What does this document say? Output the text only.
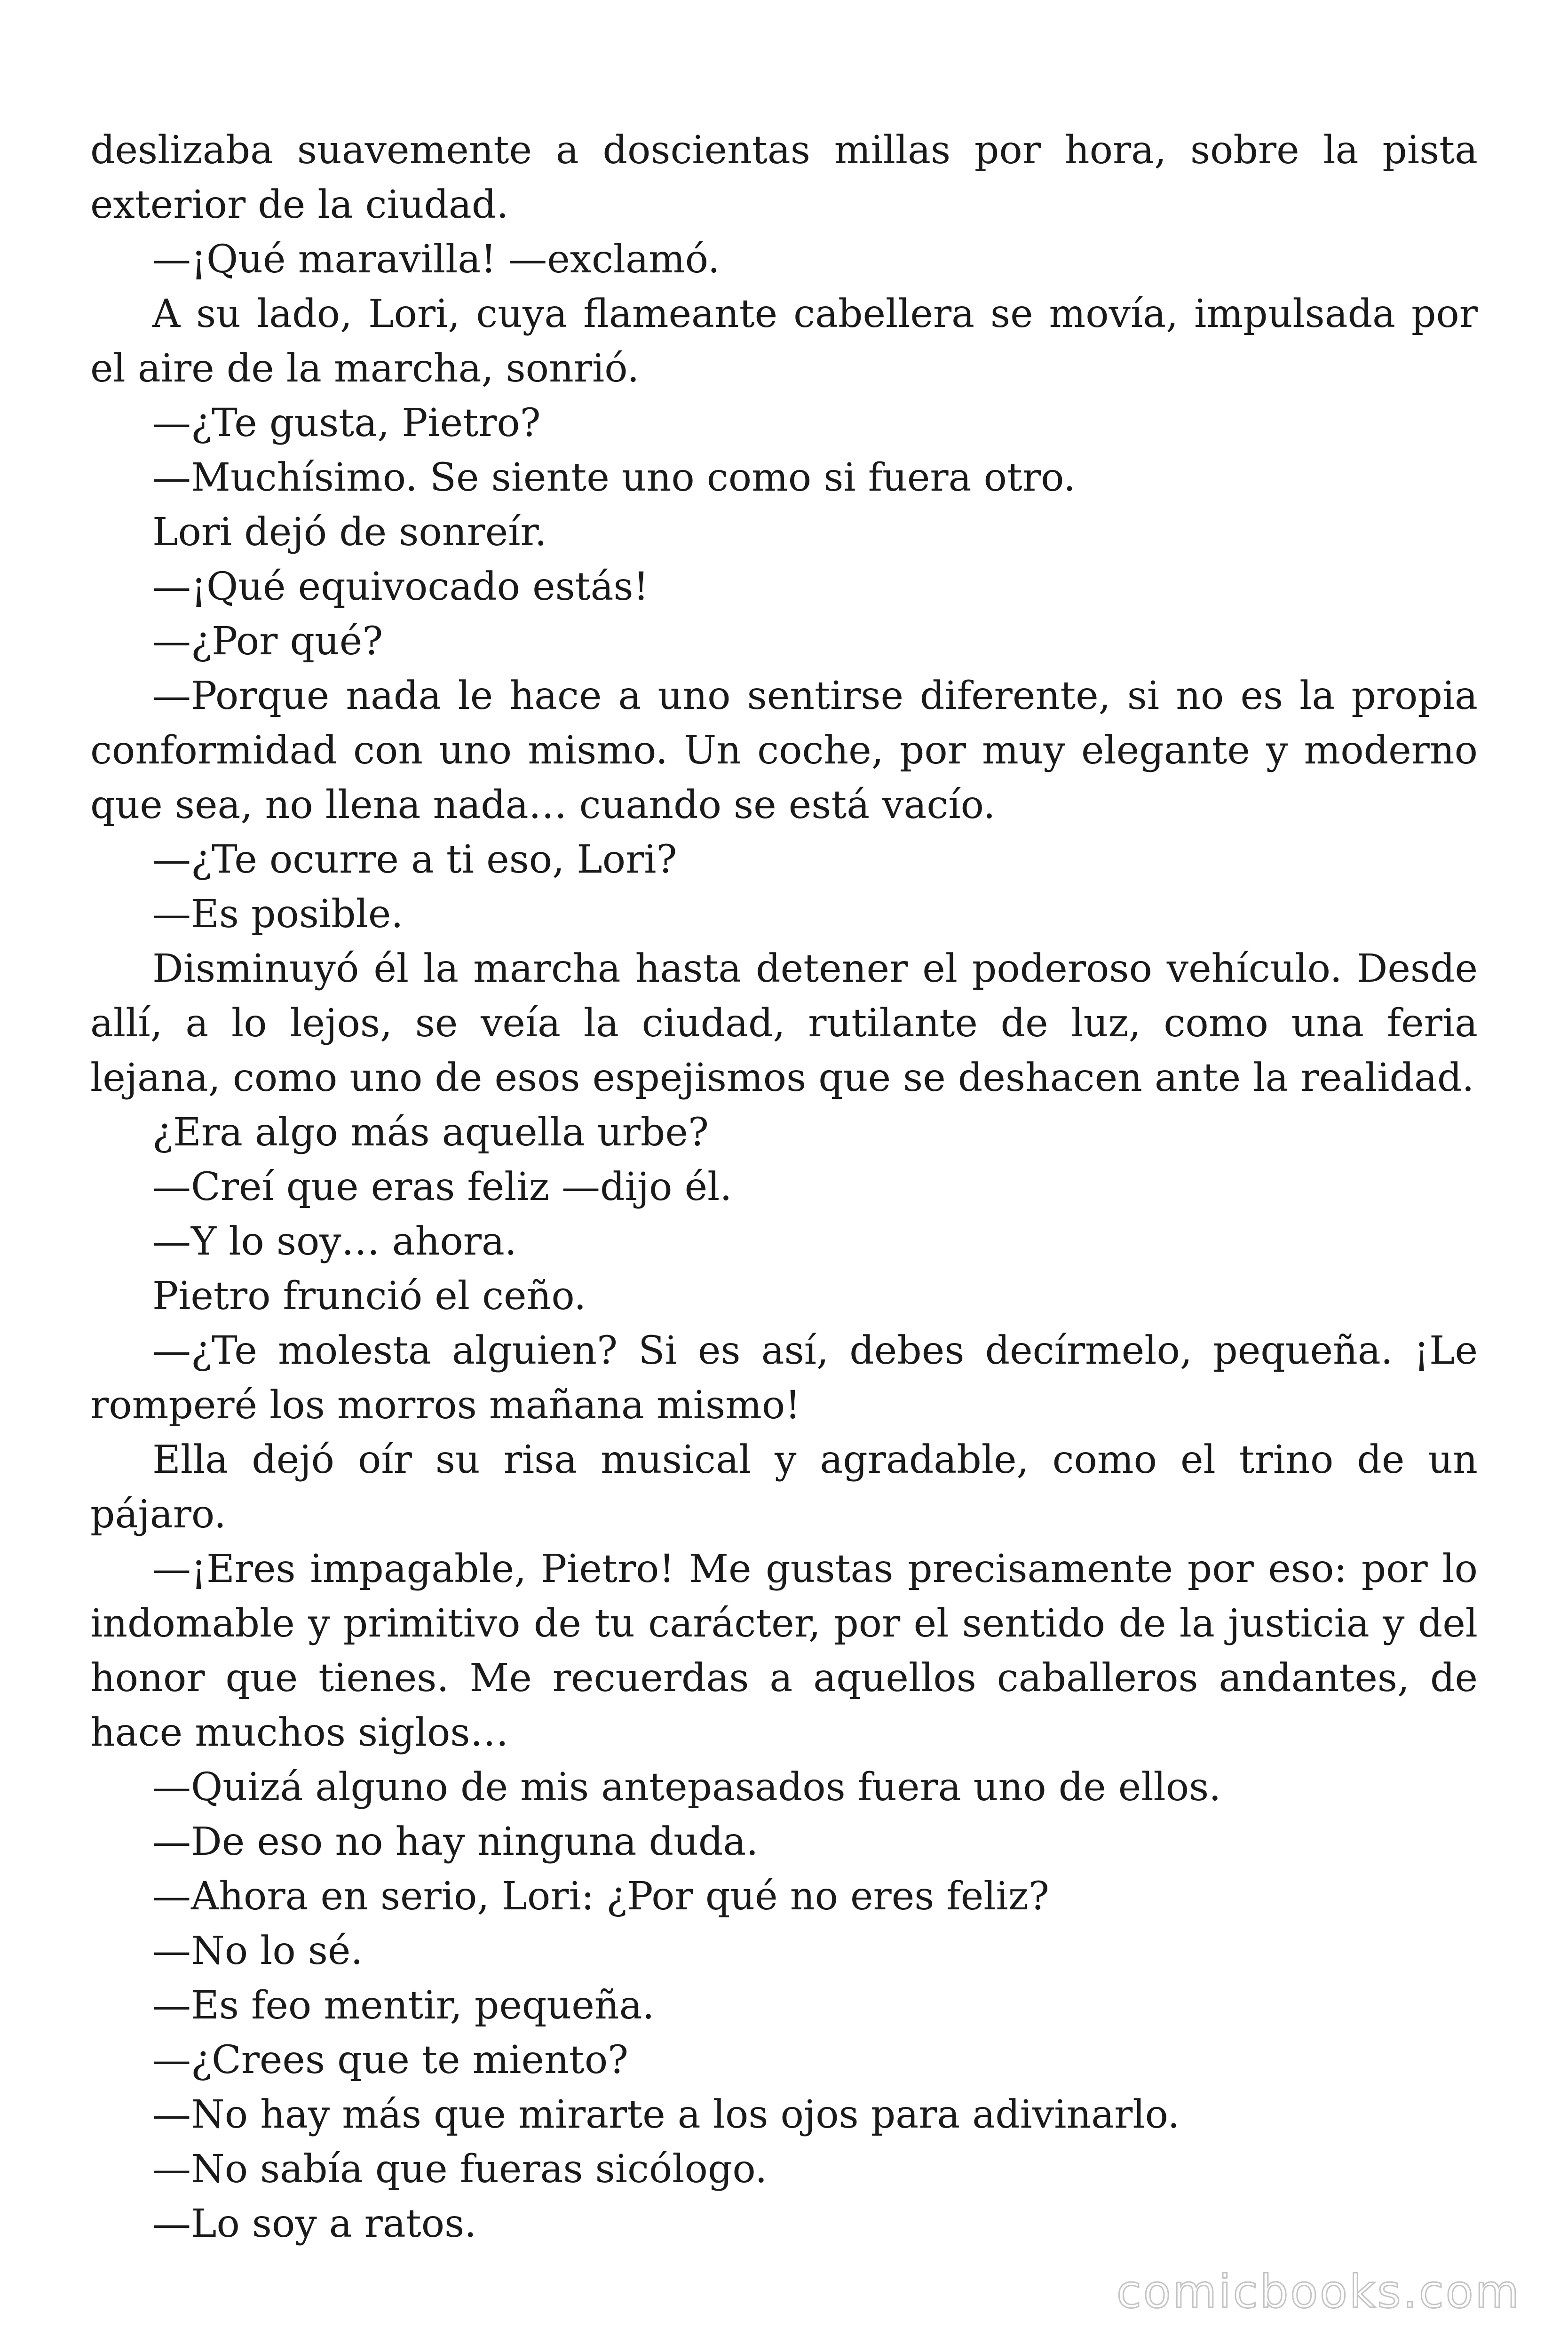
deslizaba suavemente a doscientas millas por hora, sobre la pista exterior de la ciudad.

—¡Qué maravilla! —exclamó.

A su lado, Lori, cuya flameante cabellera se movía, impulsada por el aire de la marcha, sonrió.

—¿Te gusta, Pietro?

—Muchísimo. Se siente uno como si fuera otro.

Lori dejó de sonreír.

—¡Qué equivocado estás!

—¿Por qué?

—Porque nada le hace a uno sentirse diferente, si no es la propia conformidad con uno mismo. Un coche, por muy elegante y moderno que sea, no llena nada… cuando se está vacío.

—¿Te ocurre a ti eso, Lori?

—Es posible.

Disminuyó él la marcha hasta detener el poderoso vehículo. Desde allí, a lo lejos, se veía la ciudad, rutilante de luz, como una feria lejana, como uno de esos espejismos que se deshacen ante la realidad.

¿Era algo más aquella urbe?

—Creí que eras feliz —dijo él.

—Y lo soy… ahora.

Pietro frunció el ceño.

—¿Te molesta alguien? Si es así, debes decírmelo, pequeña. ¡Le romperé los morros mañana mismo!

Ella dejó oír su risa musical y agradable, como el trino de un pájaro.

—¡Eres impagable, Pietro! Me gustas precisamente por eso: por lo indomable y primitivo de tu carácter, por el sentido de la justicia y del honor que tienes. Me recuerdas a aquellos caballeros andantes, de hace muchos siglos…

—Quizá alguno de mis antepasados fuera uno de ellos.

—De eso no hay ninguna duda.

—Ahora en serio, Lori: ¿Por qué no eres feliz?

—No lo sé.

—Es feo mentir, pequeña.

—¿Crees que te miento?

—No hay más que mirarte a los ojos para adivinarlo.

—No sabía que fueras sicólogo.

—Lo soy a ratos.

comicbooks.com
